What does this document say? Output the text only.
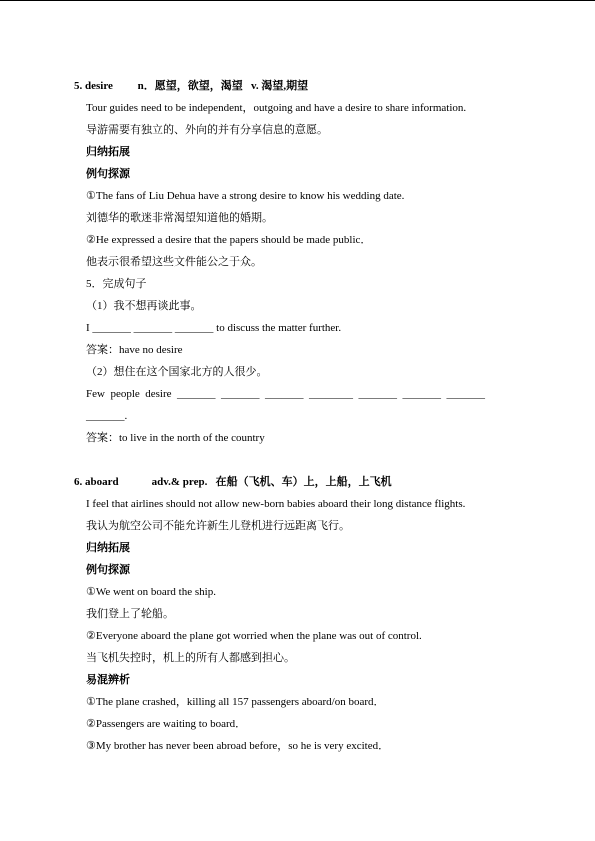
5. desire         n．愿望，欲望，渴望   v. 渴望,期望
Tour guides need to be independent，outgoing and have a desire to share information.
导游需要有独立的、外向的并有分享信息的意愿。
归纳拓展
例句探源
①The fans of Liu Dehua have a strong desire to know his wedding date.
刘德华的歌迷非常渴望知道他的婚期。
②He expressed a desire that the papers should be made public．
他表示很希望这些文件能公之于众。
5．完成句子
（1）我不想再谈此事。
I _______ _______ _______ to discuss the matter further.
答案：have no desire
（2）想住在这个国家北方的人很少。
Few  people  desire  _______  _______  _______  ________  _______  _______  _______
_______.
答案：to live in the north of the country
6. aboard            adv.& prep.   在船（飞机、车）上，上船，上飞机
I feel that airlines should not allow new-born babies aboard their long distance flights.
我认为航空公司不能允许新生儿登机进行远距离飞行。
归纳拓展
例句探源
①We went on board the ship.
我们登上了轮船。
②Everyone aboard the plane got worried when the plane was out of control.
当飞机失控时，机上的所有人都感到担心。
易混辨析
①The plane crashed，killing all 157 passengers aboard/on board．
②Passengers are waiting to board．
③My brother has never been abroad before，so he is very excited．
